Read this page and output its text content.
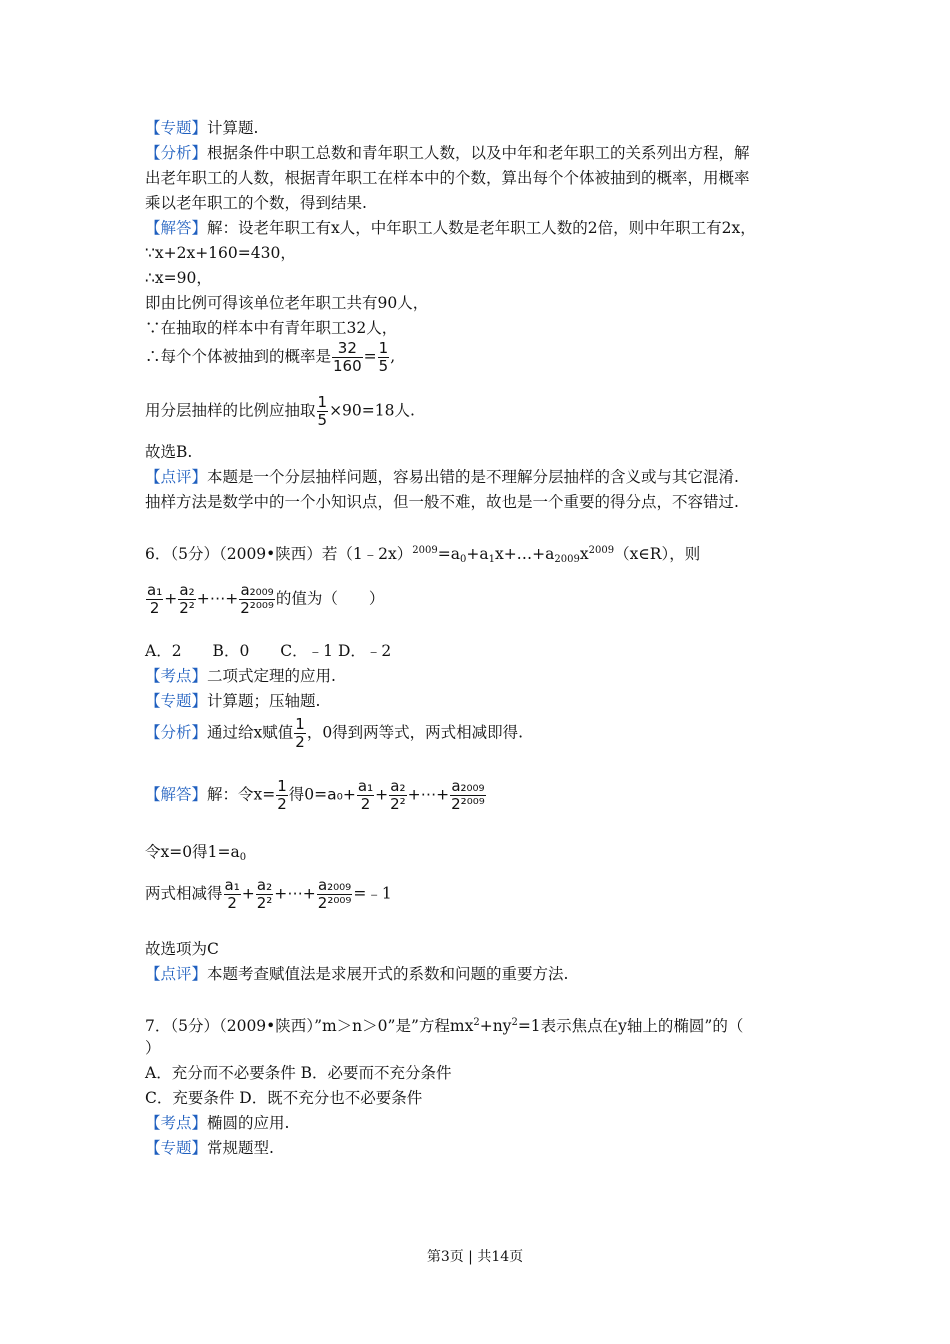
【专题】计算题.
【分析】根据条件中职工总数和青年职工人数，以及中年和老年职工的关系列出方程，解
出老年职工的人数，根据青年职工在样本中的个数，算出每个个体被抽到的概率，用概率
乘以老年职工的个数，得到结果.
【解答】解：设老年职工有x人，中年职工人数是老年职工人数的2倍，则中年职工有2x，
∵x+2x+160=430，
∴x=90，
即由比例可得该单位老年职工共有90人，
∵在抽取的样本中有青年职工32人，
∴每个个体被抽到的概率是 $\frac{32}{160} = \frac{1}{5}$ ,
用分层抽样的比例应抽取 $\frac{1}{5} \times 90=18$人.
故选B.
【点评】本题是一个分层抽样问题，容易出错的是不理解分层抽样的含义或与其它混淆.
抽样方法是数学中的一个小知识点，但一般不难，故也是一个重要的得分点，不容错过.
6．（5分）（2009•陕西）若$(1﹣2x)^{2009}=a_0+a_1x+\dots+a_{2009}x^{2009}(x\in R)$，则
$\frac{\text{a₁}}{2} + \frac{\text{a₂}}{\text{2²}}$ +⋯+ $\frac{\text{a₂₀₀₉}}{\text{2²⁰⁰⁹}}$ 的值为（　　）
A．2　　B．0　　C．﹣1 D．﹣2
【考点】二项式定理的应用.
【专题】计算题；压轴题.
【分析】通过给x赋值 $\frac{1}{2}$ ，0得到两等式，两式相减即得.
【解答】解：令$x= \frac{1}{2}$ 得$0=a_0+ \frac{\text{a₁}}{2} + \frac{\text{a₂}}{\text{2²}}$ +⋯+ $\frac{\text{a₂₀₀₉}}{\text{2²⁰⁰⁹}}$
令x=0得$1=a_0$
两式相减得 $\frac{\text{a₁}}{2} + \frac{\text{a₂}}{\text{2²}}$ +⋯+ $\frac{\text{a₂₀₀₉}}{\text{2²⁰⁰⁹}}$ =﹣1
故选项为C
【点评】本题考查赋值法是求展开式的系数和问题的重要方法.
7．（5分）（2009•陕西）”m＞n＞0”是”方程$mx^2+ny^2=1$表示焦点在y轴上的椭圆”的（
）
A．充分而不必要条件 B．必要而不充分条件
C．充要条件 D．既不充分也不必要条件
【考点】椭圆的应用.
【专题】常规题型.
第3页 | 共14页
